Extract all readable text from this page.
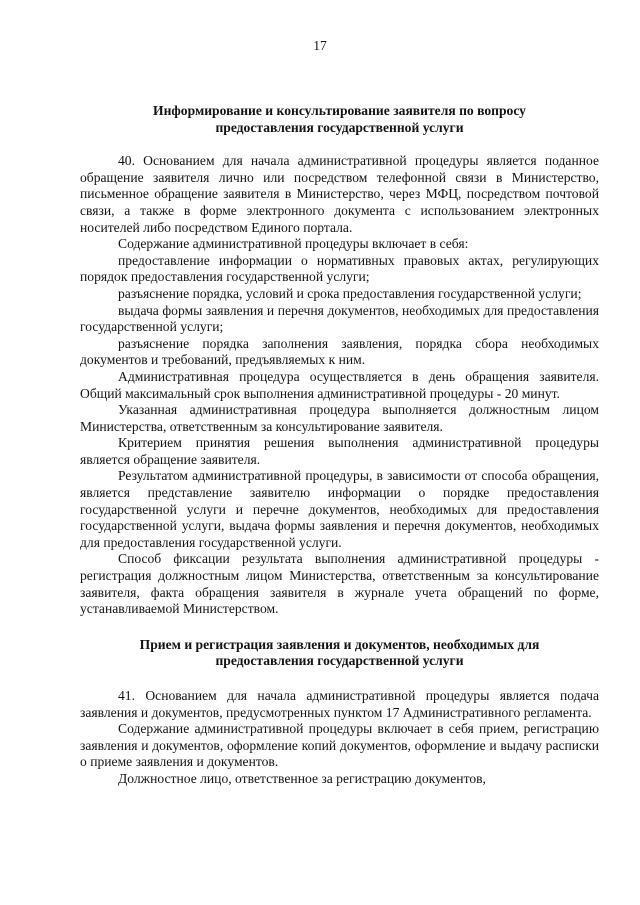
17

Информирование и консультирование заявителя по вопросу

предоставления государственной услуги

40. Основанием для начала административной процедуры является поданное обращение заявителя лично или посредством телефонной связи в Министерство, письменное обращение заявителя в Министерство, через МФЦ, посредством почтовой связи, а также в форме электронного документа с использованием электронных носителей либо посредством Единого портала.

Содержание административной процедуры включает в себя:

предоставление информации о нормативных правовых актах, регулирующих порядок предоставления государственной услуги;

разъяснение порядка, условий и срока предоставления государственной услуги;

выдача формы заявления и перечня документов, необходимых для предоставления государственной услуги;

разъяснение порядка заполнения заявления, порядка сбора необходимых документов и требований, предъявляемых к ним.

Административная процедура осуществляется в день обращения заявителя. Общий максимальный срок выполнения административной процедуры - 20 минут.

Указанная административная процедура выполняется должностным лицом Министерства, ответственным за консультирование заявителя.

Критерием принятия решения выполнения административной процедуры является обращение заявителя.

Результатом административной процедуры, в зависимости от способа обращения, является представление заявителю информации о порядке предоставления государственной услуги и перечне документов, необходимых для предоставления государственной услуги, выдача формы заявления и перечня документов, необходимых для предоставления государственной услуги.

Способ фиксации результата выполнения административной процедуры - регистрация должностным лицом Министерства, ответственным за консультирование заявителя, факта обращения заявителя в журнале учета обращений по форме, устанавливаемой Министерством.

Прием и регистрация заявления и документов, необходимых для

предоставления государственной услуги

41. Основанием для начала административной процедуры является подача заявления и документов, предусмотренных пунктом 17 Административного регламента.

Содержание административной процедуры включает в себя прием, регистрацию заявления и документов, оформление копий документов, оформление и выдачу расписки о приеме заявления и документов.

Должностное лицо, ответственное за регистрацию документов,
